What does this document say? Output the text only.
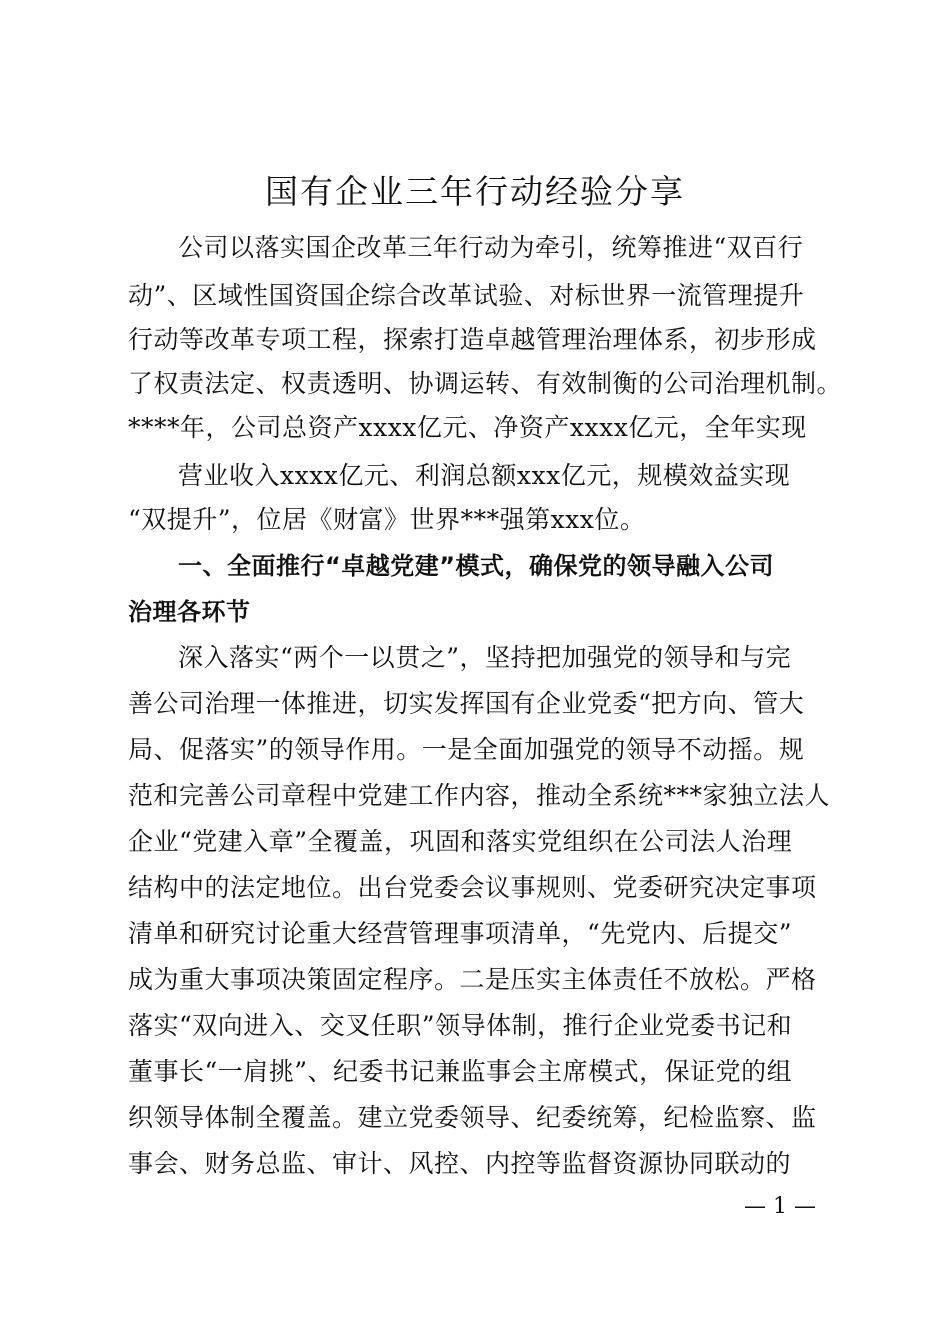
国有企业三年行动经验分享
公司以落实国企改革三年行动为牵引，统筹推进“双百行
动”、区域性国资国企综合改革试验、对标世界一流管理提升
行动等改革专项工程，探索打造卓越管理治理体系，初步形成
了权责法定、权责透明、协调运转、有效制衡的公司治理机制。
****年，公司总资产xxxx亿元、净资产xxxx亿元，全年实现
营业收入xxxx亿元、利润总额xxx亿元，规模效益实现
“双提升”，位居《财富》世界***强第xxx位。
一、全面推行“卓越党建”模式，确保党的领导融入公司
治理各环节
深入落实“两个一以贯之”，坚持把加强党的领导和与完
善公司治理一体推进，切实发挥国有企业党委“把方向、管大
局、促落实”的领导作用。一是全面加强党的领导不动摇。规
范和完善公司章程中党建工作内容，推动全系统***家独立法人
企业“党建入章”全覆盖，巩固和落实党组织在公司法人治理
结构中的法定地位。出台党委会议事规则、党委研究决定事项
清单和研究讨论重大经营管理事项清单，“先党内、后提交”
成为重大事项决策固定程序。二是压实主体责任不放松。严格
落实“双向进入、交叉任职”领导体制，推行企业党委书记和
董事长“一肩挑”、纪委书记兼监事会主席模式，保证党的组
织领导体制全覆盖。建立党委领导、纪委统筹，纪检监察、监
事会、财务总监、审计、风控、内控等监督资源协同联动的
— 1 —
